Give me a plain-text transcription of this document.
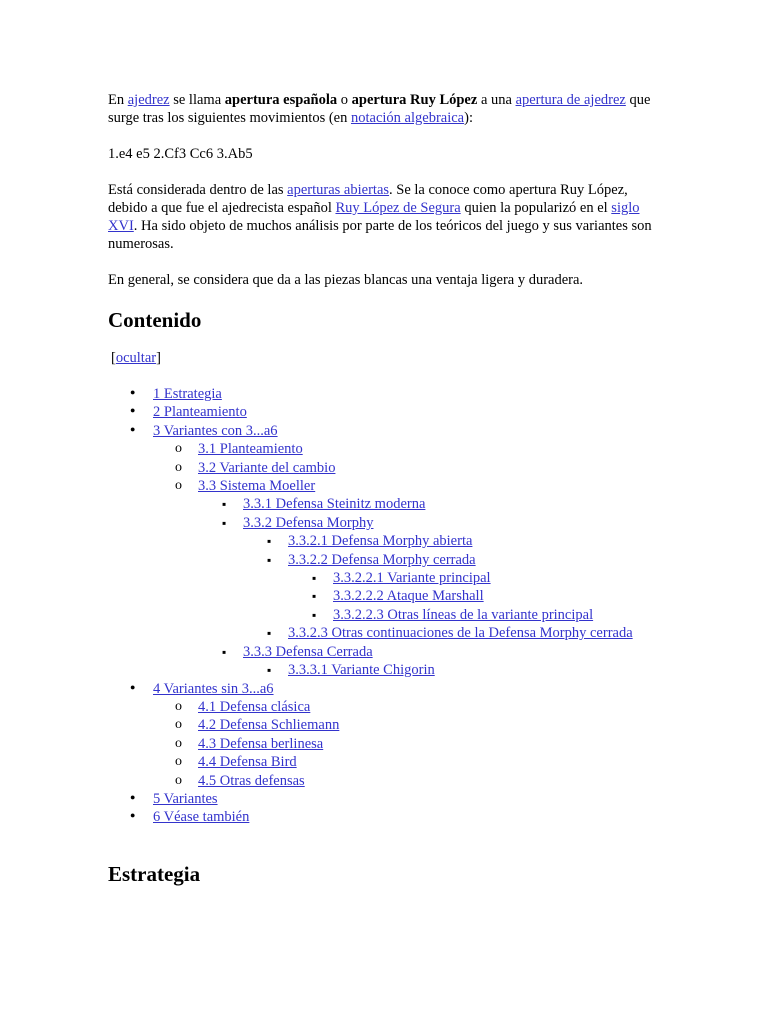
En ajedrez se llama apertura española o apertura Ruy López a una apertura de ajedrez que surge tras los siguientes movimientos (en notación algebraica):

1.e4 e5 2.Cf3 Cc6 3.Ab5

Está considerada dentro de las aperturas abiertas. Se la conoce como apertura Ruy López, debido a que fue el ajedrecista español Ruy López de Segura quien la popularizó en el siglo XVI. Ha sido objeto de muchos análisis por parte de los teóricos del juego y sus variantes son numerosas.

En general, se considera que da a las piezas blancas una ventaja ligera y duradera.

Contenido
[ocultar]
●
1 Estrategia
●
2 Planteamiento
●
3 Variantes con 3...a6
o
3.1 Planteamiento
o
3.2 Variante del cambio
o
3.3 Sistema Moeller
▪
3.3.1 Defensa Steinitz moderna
▪
3.3.2 Defensa Morphy
▪
3.3.2.1 Defensa Morphy abierta
▪
3.3.2.2 Defensa Morphy cerrada
▪
3.3.2.2.1 Variante principal
▪
3.3.2.2.2 Ataque Marshall
▪
3.3.2.2.3 Otras líneas de la variante principal
▪
3.3.2.3 Otras continuaciones de la Defensa Morphy cerrada
▪
3.3.3 Defensa Cerrada
▪
3.3.3.1 Variante Chigorin
●
4 Variantes sin 3...a6
o
4.1 Defensa clásica
o
4.2 Defensa Schliemann
o
4.3 Defensa berlinesa
o
4.4 Defensa Bird
o
4.5 Otras defensas
●
5 Variantes
●
6 Véase también
Estrategia
